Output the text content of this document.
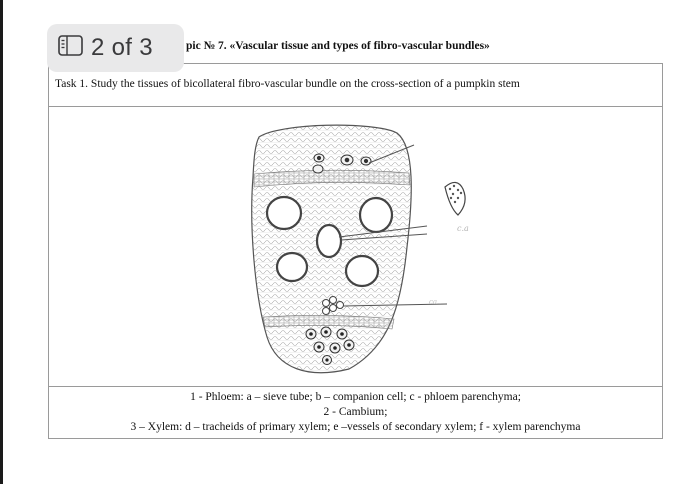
Task 1. Study the tissues of bicollateral fibro-vascular bundle on the cross-section of a pumpkin stem
c.a
ca..
1 - Phloem: a – sieve tube; b – companion cell; c - phloem parenchyma;
2 - Cambium;
3 – Xylem: d – tracheids of primary xylem; e –vessels of secondary xylem; f - xylem parenchyma
pic № 7. «Vascular tissue and types of fibro-vascular bundles»
2 of 3
